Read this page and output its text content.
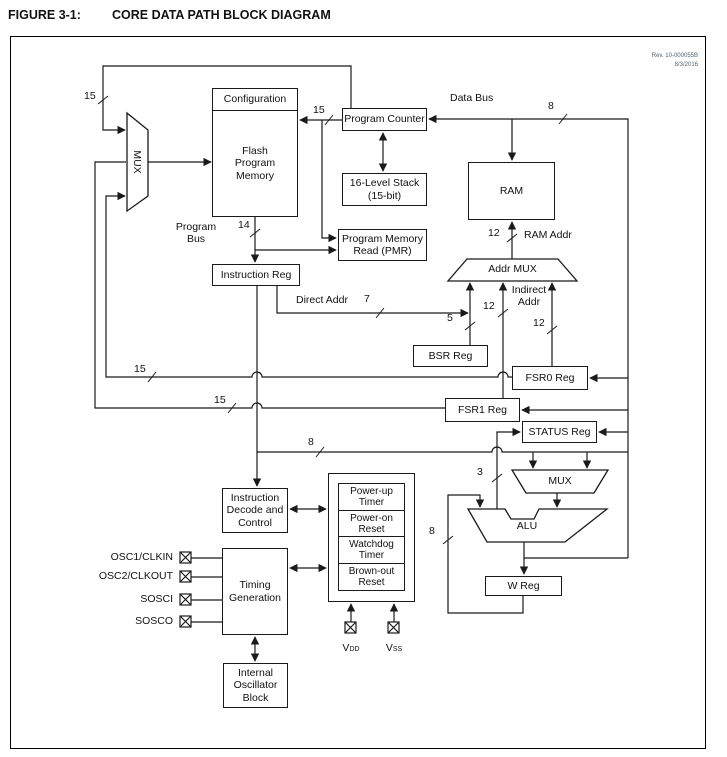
FIGURE 3-1: CORE DATA PATH BLOCK DIAGRAM
Rev. 10-000055B
8/3/2016
Configuration
Flash
Program
Memory
Program Counter
16-Level Stack
(15-bit)	RAM
Program Memory
Read (PMR)
Instruction Reg
BSR Reg
FSR0 Reg
FSR1 Reg
STATUS Reg
W Reg
Instruction
Decode and
Control
Timing
Generation
Power-up
Timer
Power-on
Reset
Watchdog
Timer
Brown-out
Reset
Internal
Oscillator
Block
MUX
Addr MUX
MUX
ALU
Program
Bus
Data Bus
RAM Addr
Indirect
Addr
Direct Addr
15
15
14
8
12
5
12
12
7
15
15
8
3
8
OSC1/CLKIN
OSC2/CLKOUT
SOSCI
SOSCO
VDD	VSS
